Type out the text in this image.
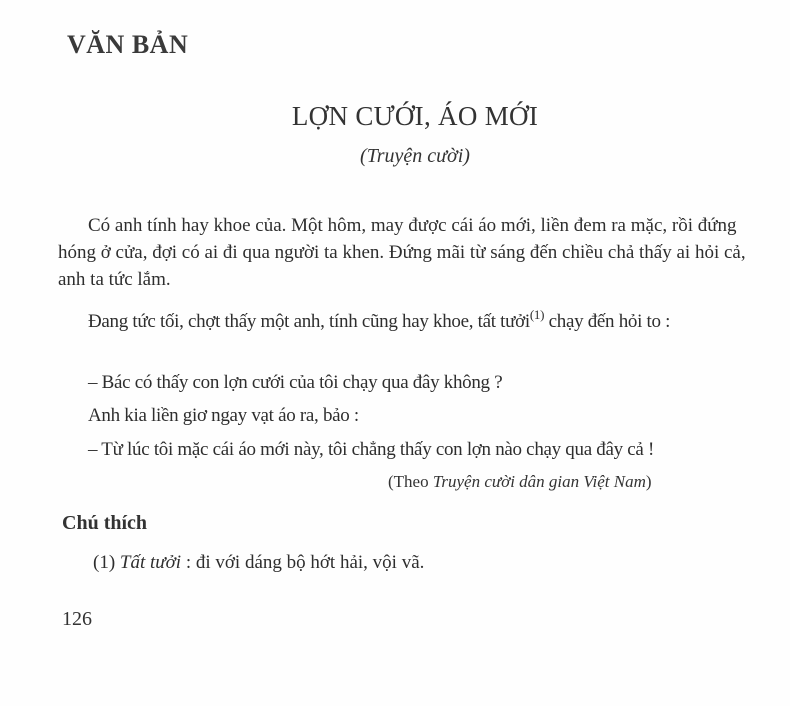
VĂN BẢN
LỢN CƯỚI, ÁO MỚI
(Truyện cười)

Có anh tính hay khoe của. Một hôm, may được cái áo mới, liền đem ra mặc, rồi đứng hóng ở cửa, đợi có ai đi qua người ta khen. Đứng mãi từ sáng đến chiều chả thấy ai hỏi cả, anh ta tức lắm.

Đang tức tối, chợt thấy một anh, tính cũng hay khoe, tất tưởi$^{(1)}$ chạy đến hỏi to :

– Bác có thấy con lợn cưới của tôi chạy qua đây không ?

Anh kia liền giơ ngay vạt áo ra, bảo :

– Từ lúc tôi mặc cái áo mới này, tôi chẳng thấy con lợn nào chạy qua đây cả !

(Theo Truyện cười dân gian Việt Nam)
Chú thích
(1) Tất tưởi : đi với dáng bộ hớt hải, vội vã.
126
